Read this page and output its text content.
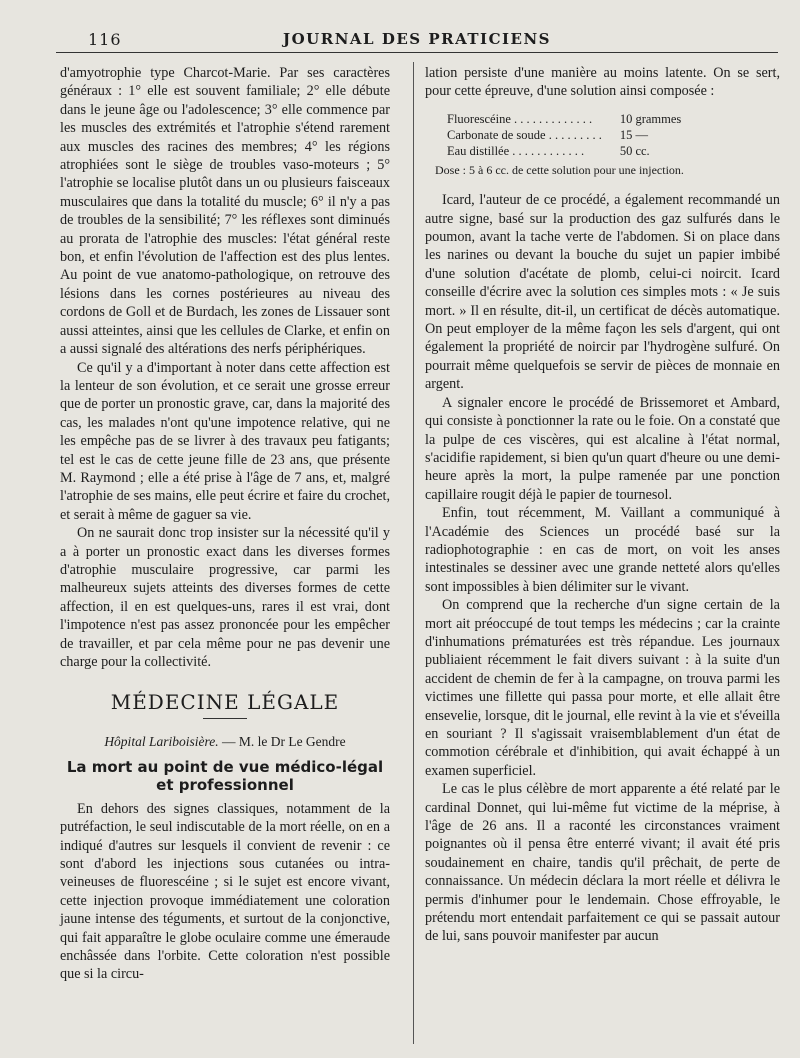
116	JOURNAL DES PRATICIENS

d'amyotrophie type Charcot-Marie. Par ses caractères généraux : 1° elle est souvent familiale; 2° elle débute dans le jeune âge ou l'adolescence; 3° elle commence par les muscles des extrémités et l'atrophie s'étend rarement aux muscles des racines des membres; 4° les régions atrophiées sont le siège de troubles vaso-moteurs ; 5° l'atrophie se localise plutôt dans un ou plusieurs faisceaux musculaires que dans la totalité du muscle; 6° il n'y a pas de troubles de la sensibilité; 7° les réflexes sont diminués au prorata de l'atrophie des muscles: l'état général reste bon, et enfin l'évolution de l'affection est des plus lentes. Au point de vue anatomo-pathologique, on retrouve des lésions dans les cornes postérieures au niveau des cordons de Goll et de Burdach, les zones de Lissauer sont aussi atteintes, ainsi que les cellules de Clarke, et enfin on a aussi signalé des altérations des nerfs périphériques.

Ce qu'il y a d'important à noter dans cette affection est la lenteur de son évolution, et ce serait une grosse erreur que de porter un pronostic grave, car, dans la majorité des cas, les malades n'ont qu'une impotence relative, qui ne les empêche pas de se livrer à des travaux peu fatigants; tel est le cas de cette jeune fille de 23 ans, que présente M. Raymond ; elle a été prise à l'âge de 7 ans, et, malgré l'atrophie de ses mains, elle peut écrire et faire du crochet, et serait à même de gaguer sa vie.

On ne saurait donc trop insister sur la nécessité qu'il y a à porter un pronostic exact dans les diverses formes d'atrophie musculaire progressive, car parmi les malheureux sujets atteints des diverses formes de cette affection, il en est quelques-uns, rares il est vrai, dont l'impotence n'est pas assez prononcée pour les empêcher de travailler, et par cela même pour ne pas devenir une charge pour la collectivité.

MÉDECINE LÉGALE
Hôpital Lariboisière. — M. le Dr Le Gendre
La mort au point de vue médico-légal et professionnel

En dehors des signes classiques, notamment de la putréfaction, le seul indiscutable de la mort réelle, on en a indiqué d'autres sur lesquels il convient de revenir : ce sont d'abord les injections sous cutanées ou intra-veineuses de fluorescéine ; si le sujet est encore vivant, cette injection provoque immédiatement une coloration jaune intense des téguments, et surtout de la conjonctive, qui fait apparaître le globe oculaire comme une émeraude enchâssée dans l'orbite. Cette coloration n'est possible que si la circu-

lation persiste d'une manière au moins latente. On se sert, pour cette épreuve, d'une solution ainsi composée :

Fluorescéine . . . . . . . . . . . . .	10 grammes
Carbonate de soude . . . . . . . . .	15 —
Eau distillée . . . . . . . . . . . .	50 cc.

Dose : 5 à 6 cc. de cette solution pour une injection.

Icard, l'auteur de ce procédé, a également recommandé un autre signe, basé sur la production des gaz sulfurés dans le poumon, avant la tache verte de l'abdomen. Si on place dans les narines ou devant la bouche du sujet un papier imbibé d'une solution d'acétate de plomb, celui-ci noircit. Icard conseille d'écrire avec la solution ces simples mots : « Je suis mort. » Il en résulte, dit-il, un certificat de décès automatique. On peut employer de la même façon les sels d'argent, qui ont également la propriété de noircir par l'hydrogène sulfuré. On pourrait même quelquefois se servir de pièces de monnaie en argent.

A signaler encore le procédé de Brissemoret et Ambard, qui consiste à ponctionner la rate ou le foie. On a constaté que la pulpe de ces viscères, qui est alcaline à l'état normal, s'acidifie rapidement, si bien qu'un quart d'heure ou une demi-heure après la mort, la pulpe ramenée par une ponction capillaire rougit déjà le papier de tournesol.

Enfin, tout récemment, M. Vaillant a communiqué à l'Académie des Sciences un procédé basé sur la radiophotographie : en cas de mort, on voit les anses intestinales se dessiner avec une grande netteté alors qu'elles sont impossibles à bien délimiter sur le vivant.

On comprend que la recherche d'un signe certain de la mort ait préoccupé de tout temps les médecins ; car la crainte d'inhumations prématurées est très répandue. Les journaux publiaient récemment le fait divers suivant : à la suite d'un accident de chemin de fer à la campagne, on trouva parmi les victimes une fillette qui passa pour morte, et elle allait être ensevelie, lorsque, dit le journal, elle revint à la vie et s'éveilla en souriant ? Il s'agissait vraisemblablement d'un état de commotion cérébrale et d'inhibition, qui avait échappé à un examen superficiel.

Le cas le plus célèbre de mort apparente a été relaté par le cardinal Donnet, qui lui-même fut victime de la méprise, à l'âge de 26 ans. Il a raconté les circonstances vraiment poignantes où il pensa être enterré vivant; il avait été pris soudainement en chaire, tandis qu'il prêchait, de perte de connaissance. Un médecin déclara la mort réelle et délivra le permis d'inhumer pour le lendemain. Chose effroyable, le prétendu mort entendait parfaitement ce qui se passait autour de lui, sans pouvoir manifester par aucun
